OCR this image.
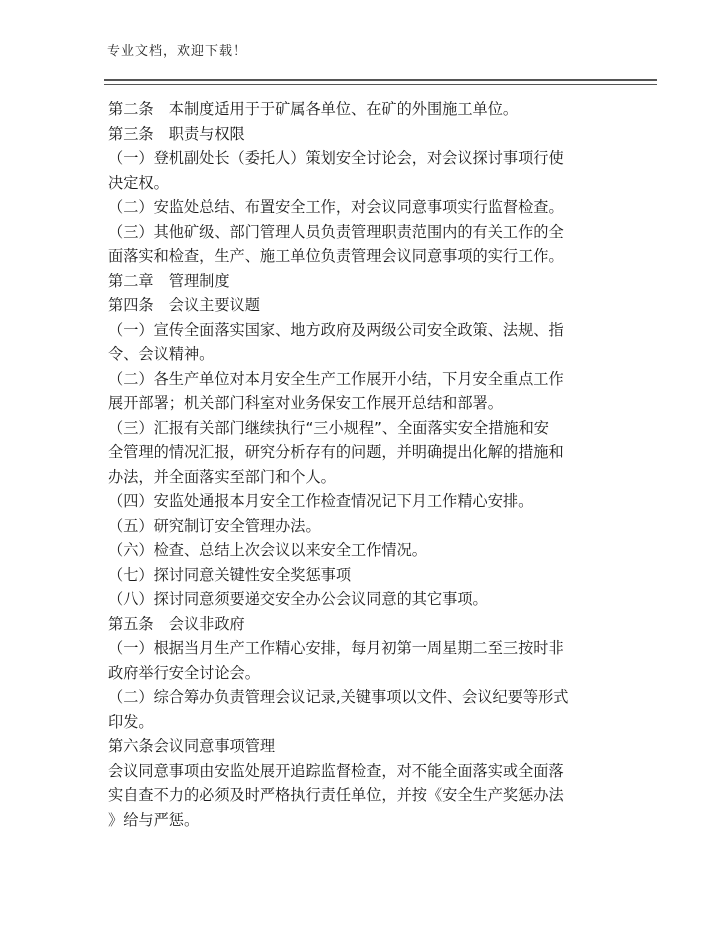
专业文档，欢迎下载！
第二条　本制度适用于于矿属各单位、在矿的外围施工单位。
第三条　职责与权限
（一）登机副处长（委托人）策划安全讨论会，对会议探讨事项行使
决定权。
（二）安监处总结、布置安全工作，对会议同意事项实行监督检查。
（三）其他矿级、部门管理人员负责管理职责范围内的有关工作的全
面落实和检查，生产、施工单位负责管理会议同意事项的实行工作。
第二章　管理制度
第四条　会议主要议题
（一）宣传全面落实国家、地方政府及两级公司安全政策、法规、指
令、会议精神。
（二）各生产单位对本月安全生产工作展开小结，下月安全重点工作
展开部署；机关部门科室对业务保安工作展开总结和部署。
（三）汇报有关部门继续执行“三小规程”、全面落实安全措施和安
全管理的情况汇报，研究分析存有的问题，并明确提出化解的措施和
办法，并全面落实至部门和个人。
（四）安监处通报本月安全工作检查情况记下月工作精心安排。
（五）研究制订安全管理办法。
（六）检查、总结上次会议以来安全工作情况。
（七）探讨同意关键性安全奖惩事项
（八）探讨同意须要递交安全办公会议同意的其它事项。
第五条　会议非政府
（一）根据当月生产工作精心安排，每月初第一周星期二至三按时非
政府举行安全讨论会。
（二）综合筹办负责管理会议记录,关键事项以文件、会议纪要等形式
印发。
第六条会议同意事项管理
会议同意事项由安监处展开追踪监督检查，对不能全面落实或全面落
实自查不力的必须及时严格执行责任单位，并按《安全生产奖惩办法
》给与严惩。
